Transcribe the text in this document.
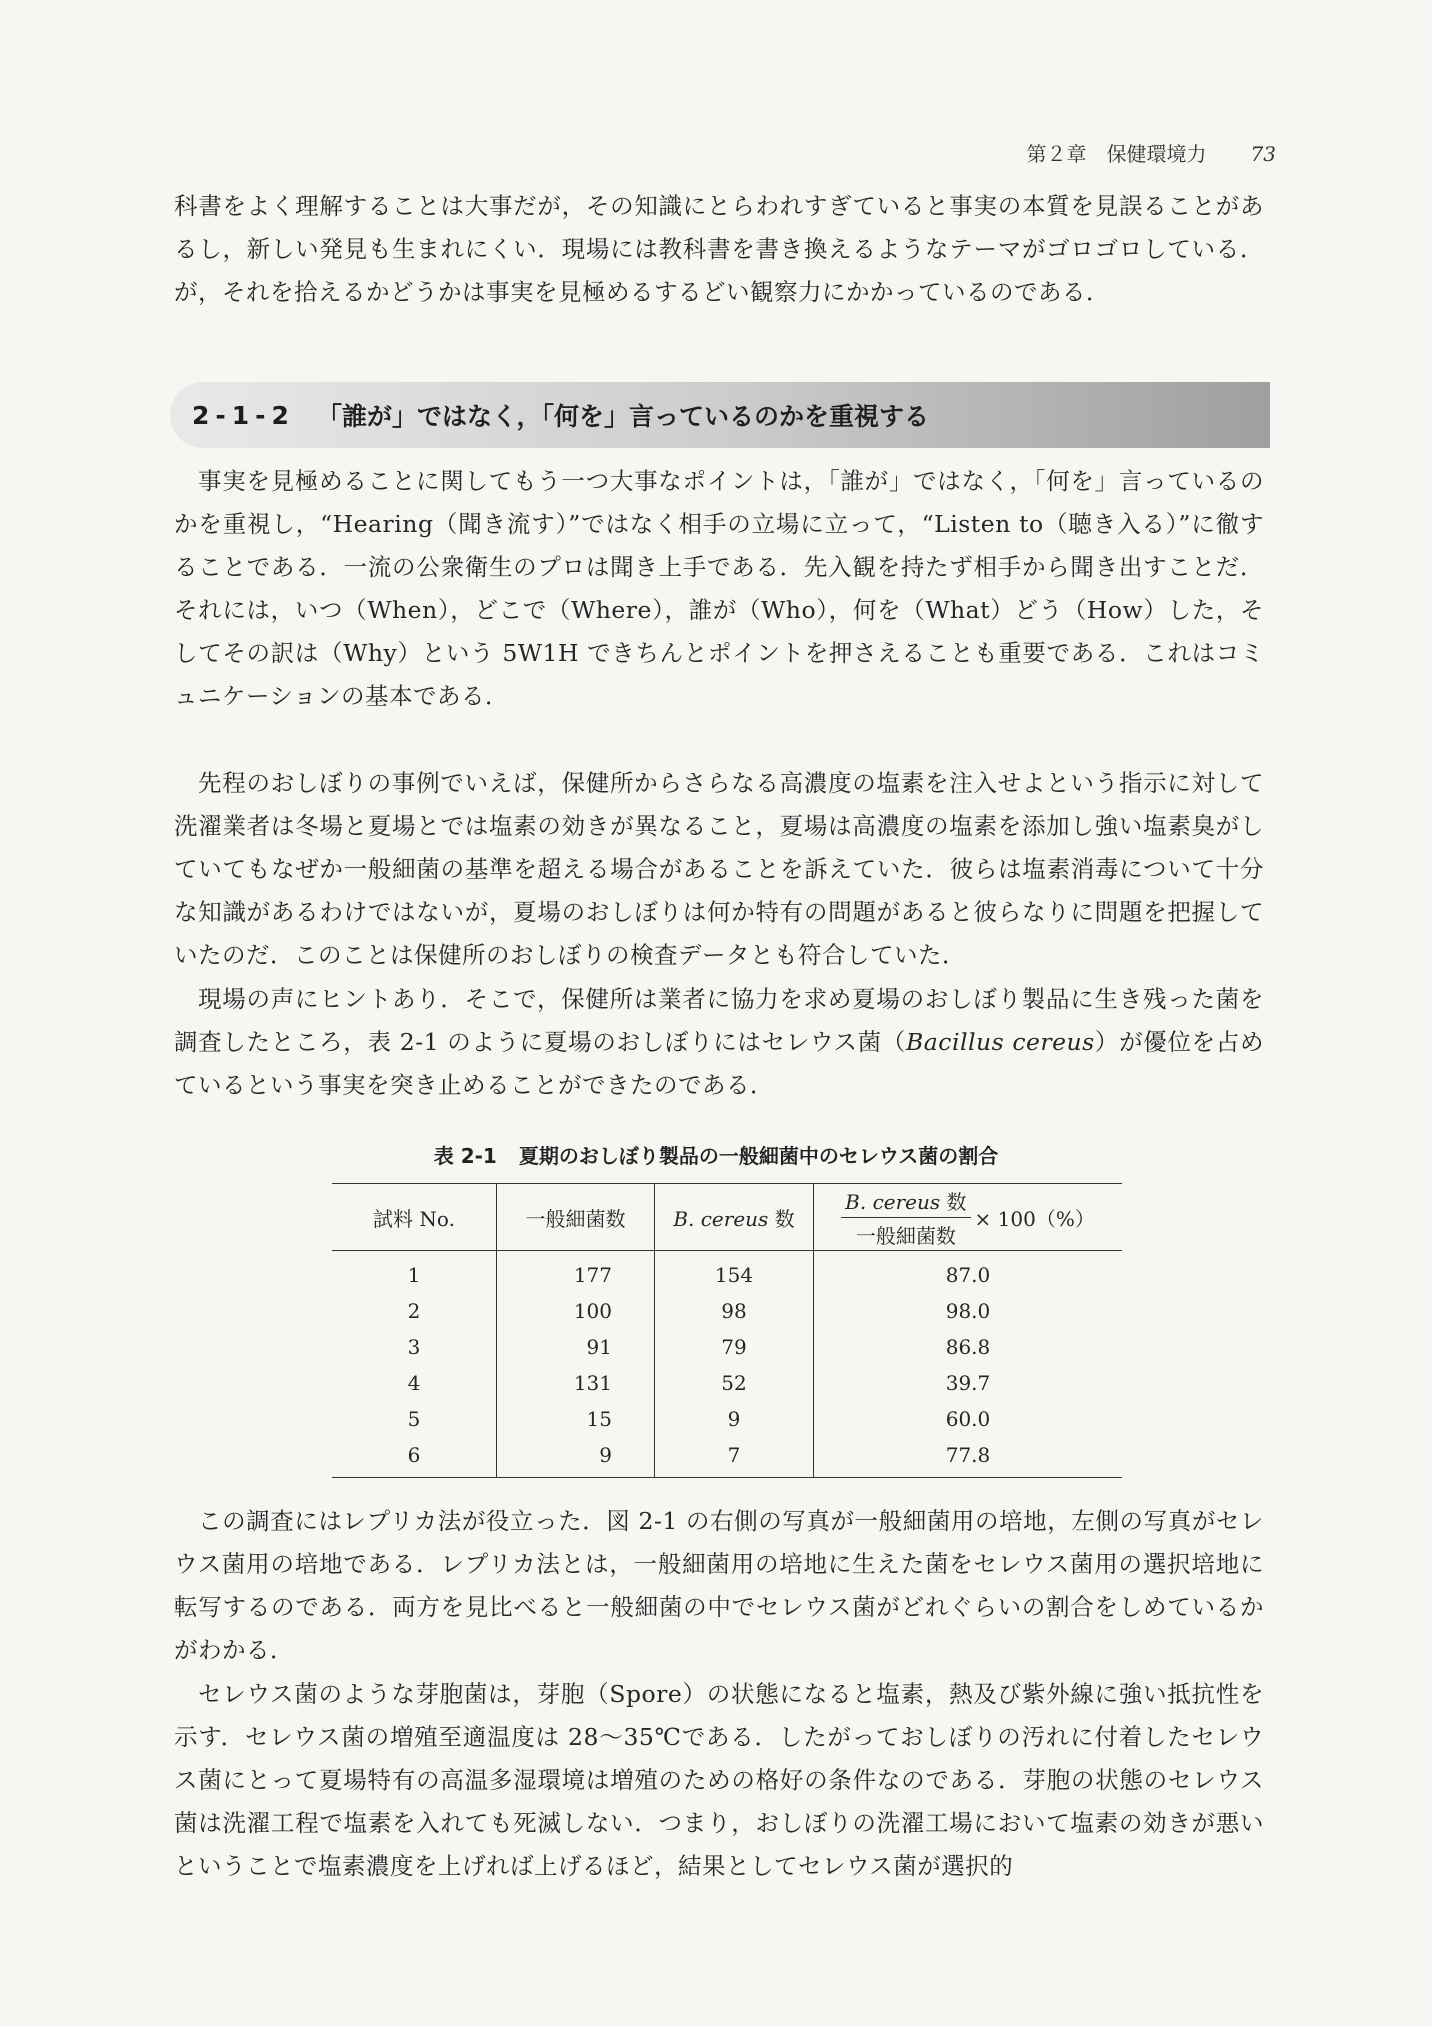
第２章　保健環境力 73

科書をよく理解することは大事だが，その知識にとらわれすぎていると事実の本質を見誤ることがあるし，新しい発見も生まれにくい．現場には教科書を書き換えるようなテーマがゴロゴロしている．が，それを拾えるかどうかは事実を見極めるするどい観察力にかかっているのである．

2-1-2 「誰が」ではなく，「何を」言っているのかを重視する

事実を見極めることに関してもう一つ大事なポイントは，「誰が」ではなく，「何を」言っているのかを重視し，“Hearing（聞き流す）”ではなく相手の立場に立って，“Listen to（聴き入る）”に徹することである．一流の公衆衛生のプロは聞き上手である．先入観を持たず相手から聞き出すことだ．それには，いつ（When），どこで（Where），誰が（Who），何を（What）どう（How）した，そしてその訳は（Why）という 5W1H できちんとポイントを押さえることも重要である．これはコミュニケーションの基本である．

先程のおしぼりの事例でいえば，保健所からさらなる高濃度の塩素を注入せよという指示に対して洗濯業者は冬場と夏場とでは塩素の効きが異なること，夏場は高濃度の塩素を添加し強い塩素臭がしていてもなぜか一般細菌の基準を超える場合があることを訴えていた．彼らは塩素消毒について十分な知識があるわけではないが，夏場のおしぼりは何か特有の問題があると彼らなりに問題を把握していたのだ．このことは保健所のおしぼりの検査データとも符合していた．

現場の声にヒントあり．そこで，保健所は業者に協力を求め夏場のおしぼり製品に生き残った菌を調査したところ，表 2-1 のように夏場のおしぼりにはセレウス菌（Bacillus cereus）が優位を占めているという事実を突き止めることができたのである．

表 2-1 夏期のおしぼり製品の一般細菌中のセレウス菌の割合
試料 No.	一般細菌数	B. cereus 数	$\frac{\text{B. cereus 数}}{\text{一般細菌数}} \times 100(\%)$
1	177	154	87.0
2	100	98	98.0
3	91	79	86.8
4	131	52	39.7
5	15	9	60.0
6	9	7	77.8

この調査にはレプリカ法が役立った．図 2-1 の右側の写真が一般細菌用の培地，左側の写真がセレウス菌用の培地である．レプリカ法とは，一般細菌用の培地に生えた菌をセレウス菌用の選択培地に転写するのである．両方を見比べると一般細菌の中でセレウス菌がどれぐらいの割合をしめているかがわかる．

セレウス菌のような芽胞菌は，芽胞（Spore）の状態になると塩素，熱及び紫外線に強い抵抗性を示す．セレウス菌の増殖至適温度は 28〜35℃である．したがっておしぼりの汚れに付着したセレウス菌にとって夏場特有の高温多湿環境は増殖のための格好の条件なのである．芽胞の状態のセレウス菌は洗濯工程で塩素を入れても死滅しない．つまり，おしぼりの洗濯工場において塩素の効きが悪いということで塩素濃度を上げれば上げるほど，結果としてセレウス菌が選択的
